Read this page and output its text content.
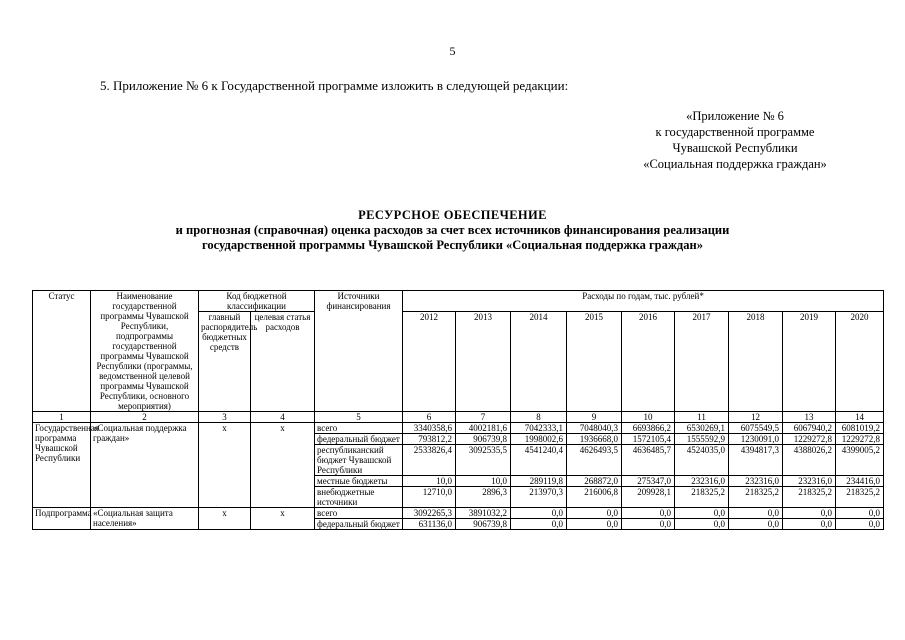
5
5. Приложение № 6 к Государственной программе изложить в следующей редакции:
«Приложение № 6
к государственной программе
Чувашской Республики
«Социальная поддержка граждан»
РЕСУРСНОЕ ОБЕСПЕЧЕНИЕ
и прогнозная (справочная) оценка расходов за счет всех источников финансирования реализации
государственной программы Чувашской Республики «Социальная поддержка граждан»
Статус	Наименование государственной программы Чувашской Республики, подпрограммы государственной программы Чувашской Республики (программы, ведомственной целевой программы Чувашской Республики, основного мероприятия)	Код бюджетной классификации		Источники финансирования	Расходы по годам, тыс. рублей*								
		главный распорядитель бюджетных средств	целевая статья расходов		2012	2013	2014	2015	2016	2017	2018	2019	2020
1	2	3	4	5	6	7	8	9	10	11	12	13	14
Государственная программа Чувашской Республики	«Социальная поддержка граждан»	x	x	всего	3340358,6	4002181,6	7042333,1	7048040,3	6693866,2	6530269,1	6075549,5	6067940,2	6081019,2
				федеральный бюджет	793812,2	906739,8	1998002,6	1936668,0	1572105,4	1555592,9	1230091,0	1229272,8	1229272,8
				республиканский бюджет Чувашской Республики	2533826,4	3092535,5	4541240,4	4626493,5	4636485,7	4524035,0	4394817,3	4388026,2	4399005,2
				местные бюджеты	10,0	10,0	289119,8	268872,0	275347,0	232316,0	232316,0	232316,0	234416,0
				внебюджетные источники	12710,0	2896,3	213970,3	216006,8	209928,1	218325,2	218325,2	218325,2	218325,2
Подпрограмма	«Социальная защита населения»	x	x	всего	3092265,3	3891032,2	0,0	0,0	0,0	0,0	0,0	0,0	0,0
				федеральный бюджет	631136,0	906739,8	0,0	0,0	0,0	0,0	0,0	0,0	0,0
